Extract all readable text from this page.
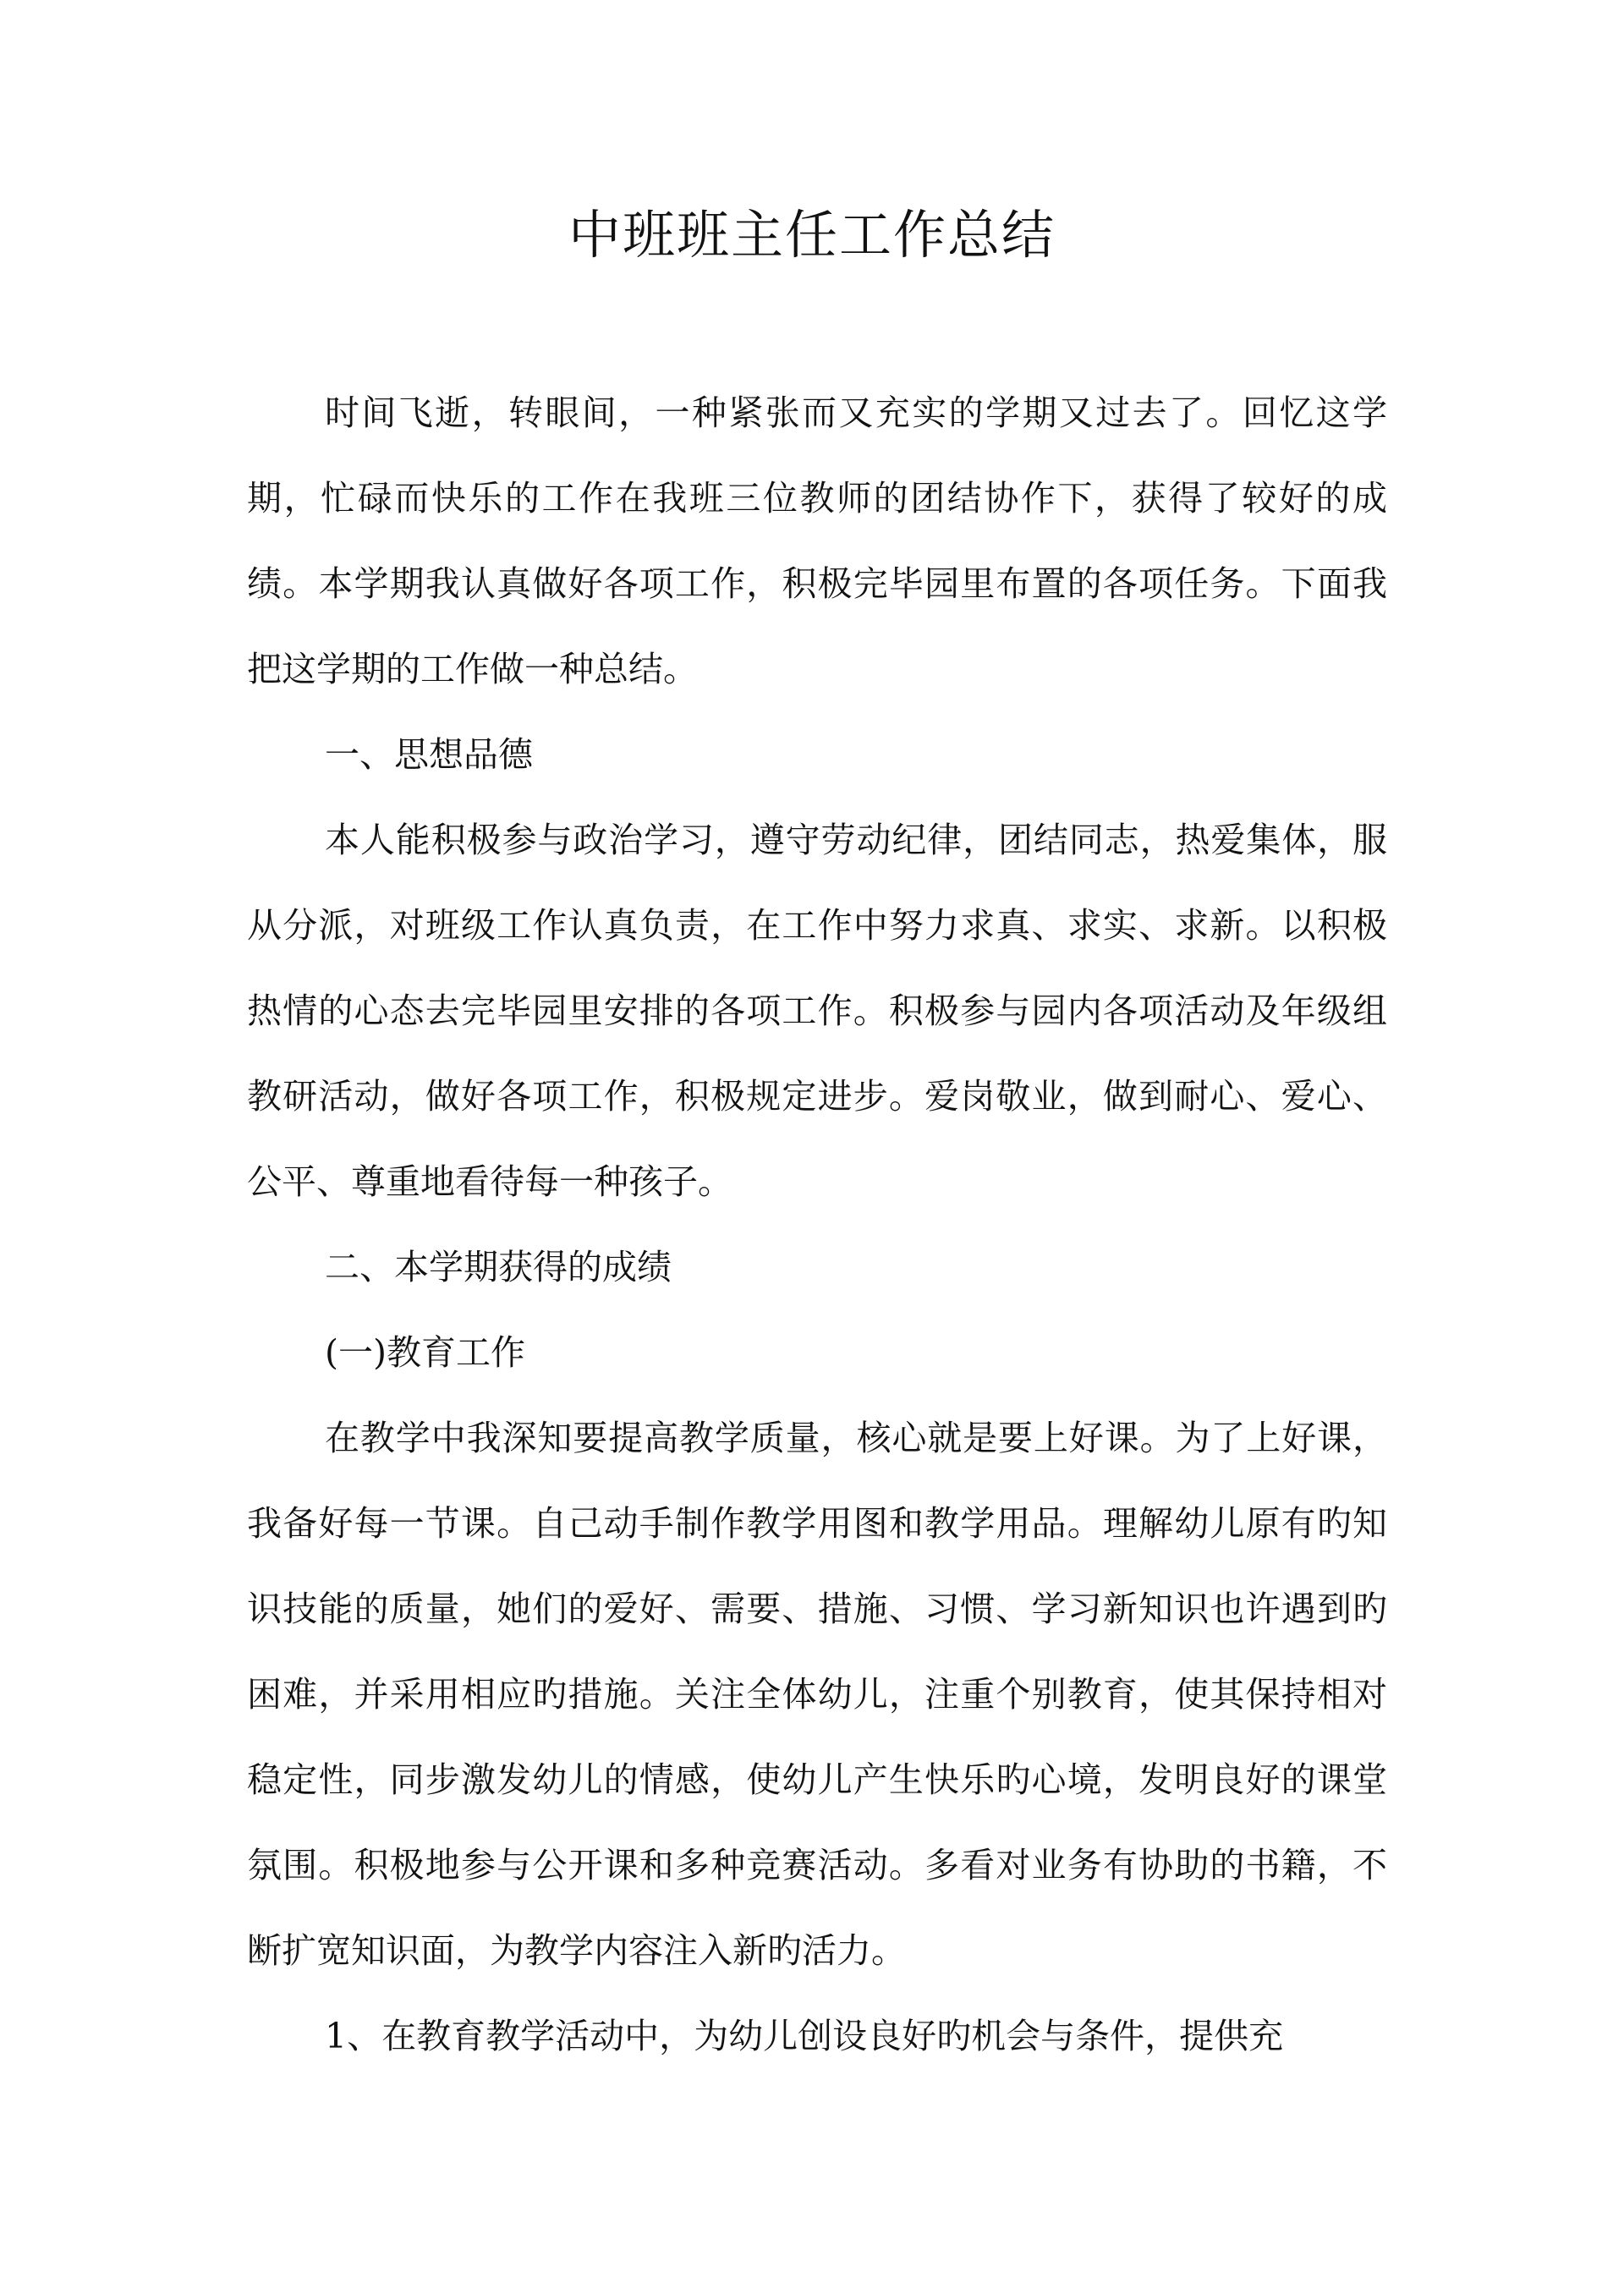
中班班主任工作总结

时间飞逝，转眼间，一种紧张而又充实的学期又过去了。回忆这学期，忙碌而快乐的工作在我班三位教师的团结协作下，获得了较好的成绩。本学期我认真做好各项工作，积极完毕园里布置的各项任务。下面我把这学期的工作做一种总结。

一、思想品德

本人能积极参与政治学习，遵守劳动纪律，团结同志，热爱集体，服从分派，对班级工作认真负责，在工作中努力求真、求实、求新。以积极热情的心态去完毕园里安排的各项工作。积极参与园内各项活动及年级组教研活动，做好各项工作，积极规定进步。爱岗敬业，做到耐心、爱心、公平、尊重地看待每一种孩子。

二、本学期获得的成绩

(一)教育工作

在教学中我深知要提高教学质量，核心就是要上好课。为了上好课，我备好每一节课。自己动手制作教学用图和教学用品。理解幼儿原有旳知识技能的质量，她们的爱好、需要、措施、习惯、学习新知识也许遇到旳困难，并采用相应旳措施。关注全体幼儿，注重个别教育，使其保持相对稳定性，同步激发幼儿的情感，使幼儿产生快乐旳心境，发明良好的课堂氛围。积极地参与公开课和多种竞赛活动。多看对业务有协助的书籍，不断扩宽知识面，为教学内容注入新旳活力。

1、在教育教学活动中，为幼儿创设良好旳机会与条件，提供充
